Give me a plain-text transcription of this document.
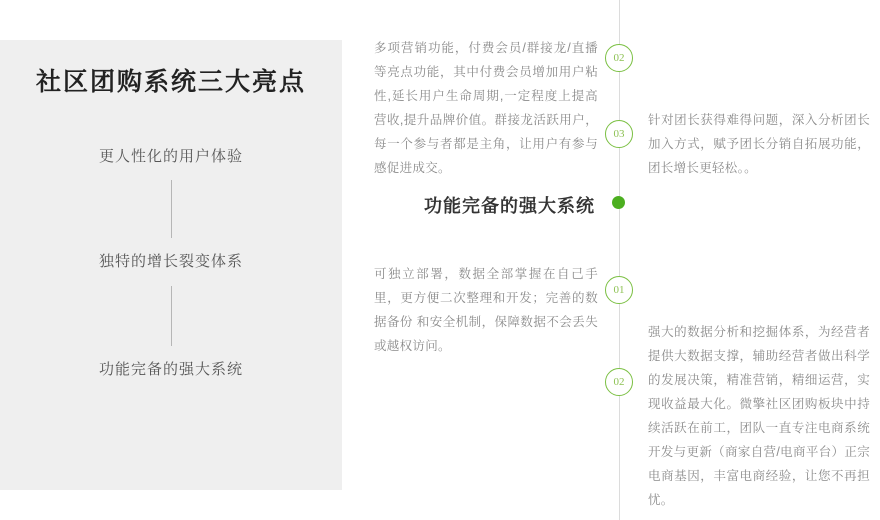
社区团购系统三大亮点
更人性化的用户体验
独特的增长裂变体系
功能完备的强大系统
02
03
01
02
多项营销功能，付费会员/群接龙/直播等亮点功能，其中付费会员增加用户粘性,延长用户生命周期,一定程度上提高营收,提升品牌价值。群接龙活跃用户，每一个参与者都是主角，让用户有参与感促进成交。
针对团长获得难得问题，深入分析团长加入方式，赋予团长分销自拓展功能，团长增长更轻松。。
功能完备的强大系统
可独立部署，数据全部掌握在自己手里，更方便二次整理和开发；完善的数据备份 和安全机制，保障数据不会丢失或越权访问。
强大的数据分析和挖掘体系，为经营者提供大数据支撑，辅助经营者做出科学的发展决策，精准营销，精细运营，实现收益最大化。微擎社区团购板块中持续活跃在前工，团队一直专注电商系统开发与更新（商家自营/电商平台）正宗电商基因，丰富电商经验，让您不再担忧。
